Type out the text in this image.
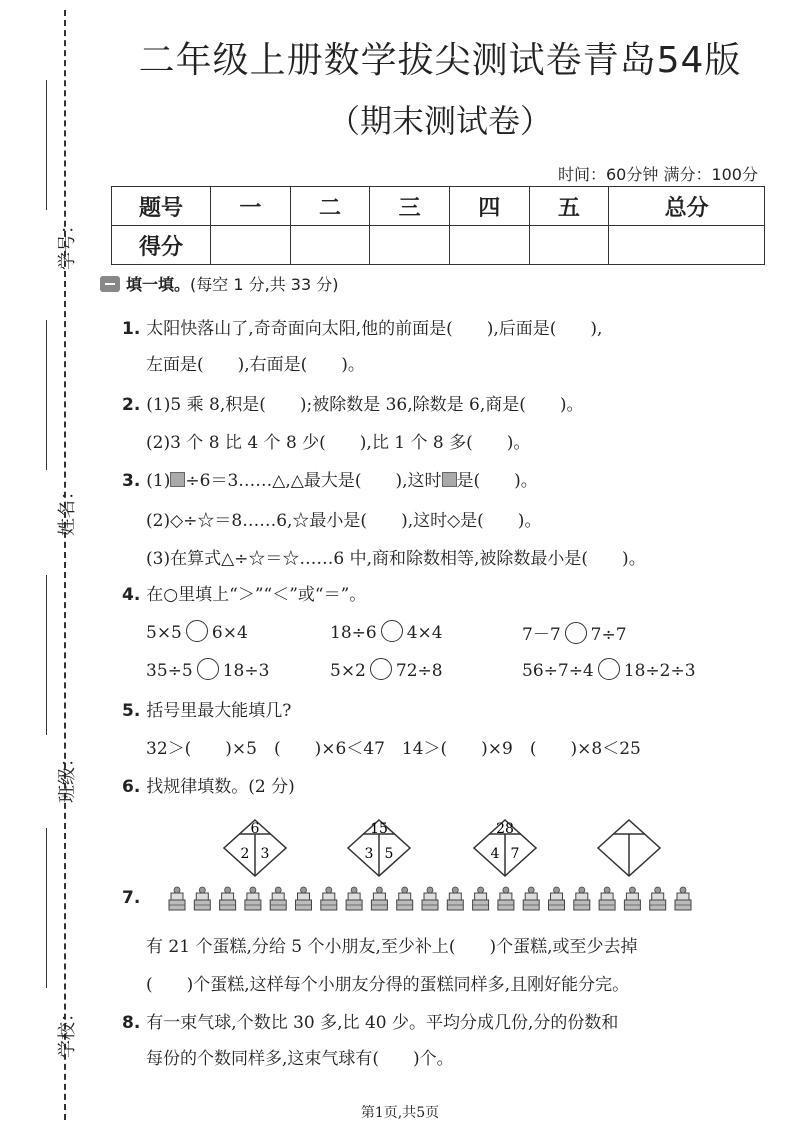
学号：
姓名：
班级：
学校：
二年级上册数学拔尖测试卷青岛54版
（期末测试卷）
时间：60分钟 满分：100分
题号	一	二	三	四	五	总分
得分						
填一填。(每空 1 分,共 33 分)
1. 太阳快落山了,奇奇面向太阳,他的前面是(　　),后面是(　　),
左面是(　　),右面是(　　)。
2. (1)5 乘 8,积是(　　);被除数是 36,除数是 6,商是(　　)。
(2)3 个 8 比 4 个 8 少(　　),比 1 个 8 多(　　)。
3. (1) ÷6＝3……△,△最大是(　　),这时 是(　　)。
(2)◇÷☆＝8……6,☆最小是(　　),这时◇是(　　)。
(3)在算式△÷☆＝☆……6 中,商和除数相等,被除数最小是(　　)。
4. 在○里填上“＞”“＜”或“＝”。
5×5 6×4	18÷6 4×4	7－7 7÷7
35÷5 18÷3	5×2 72÷8	56÷7÷4 18÷2÷3
5. 括号里最大能填几?
32＞(　　)×5　(　　)×6＜47　14＞(　　)×9　(　　)×8＜25
6. 找规律填数。(2 分)
6
2 3
15
3 5
28
4 7
7.
有 21 个蛋糕,分给 5 个小朋友,至少补上(　　)个蛋糕,或至少去掉
(　　)个蛋糕,这样每个小朋友分得的蛋糕同样多,且刚好能分完。
8. 有一束气球,个数比 30 多,比 40 少。平均分成几份,分的份数和
每份的个数同样多,这束气球有(　　)个。
第1页,共5页
